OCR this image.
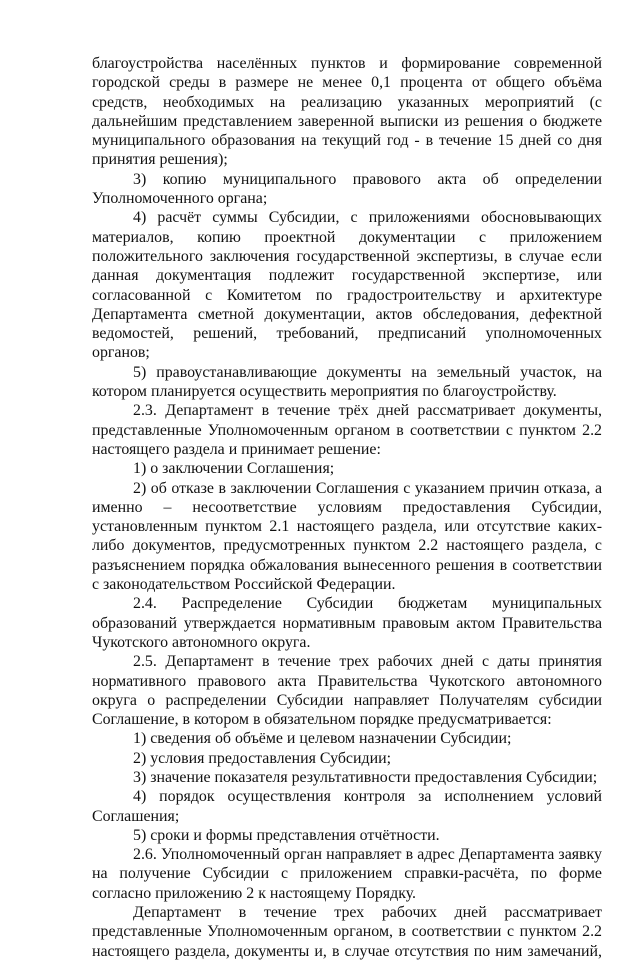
благоустройства населённых пунктов и формирование современной городской среды в размере не менее 0,1 процента от общего объёма средств, необходимых на реализацию указанных мероприятий (с дальнейшим представлением заверенной выписки из решения о бюджете муниципального образования на текущий год - в течение 15 дней со дня принятия решения);

3) копию муниципального правового акта об определении Уполномоченного органа;

4) расчёт суммы Субсидии, с приложениями обосновывающих материалов, копию проектной документации с приложением положительного заключения государственной экспертизы, в случае если данная документация подлежит государственной экспертизе, или согласованной с Комитетом по градостроительству и архитектуре Департамента сметной документации, актов обследования, дефектной ведомостей, решений, требований, предписаний уполномоченных органов;

5) правоустанавливающие документы на земельный участок, на котором планируется осуществить мероприятия по благоустройству.

2.3. Департамент в течение трёх дней рассматривает документы, представленные Уполномоченным органом в соответствии с пунктом 2.2 настоящего раздела и принимает решение:

1) о заключении Соглашения;

2) об отказе в заключении Соглашения с указанием причин отказа, а именно – несоответствие условиям предоставления Субсидии, установленным пунктом 2.1 настоящего раздела, или отсутствие каких-либо документов, предусмотренных пунктом 2.2 настоящего раздела, с разъяснением порядка обжалования вынесенного решения в соответствии с законодательством Российской Федерации.

2.4. Распределение Субсидии бюджетам муниципальных образований утверждается нормативным правовым актом Правительства Чукотского автономного округа.

2.5. Департамент в течение трех рабочих дней с даты принятия нормативного правового акта Правительства Чукотского автономного округа о распределении Субсидии направляет Получателям субсидии Соглашение, в котором в обязательном порядке предусматривается:

1) сведения об объёме и целевом назначении Субсидии;

2) условия предоставления Субсидии;

3) значение показателя результативности предоставления Субсидии;

4) порядок осуществления контроля за исполнением условий Соглашения;

5) сроки и формы представления отчётности.

2.6. Уполномоченный орган направляет в адрес Департамента заявку на получение Субсидии с приложением справки-расчёта, по форме согласно приложению 2 к настоящему Порядку.

Департамент в течение трех рабочих дней рассматривает представленные Уполномоченным органом, в соответствии с пунктом 2.2 настоящего раздела, документы и, в случае отсутствия по ним замечаний,
